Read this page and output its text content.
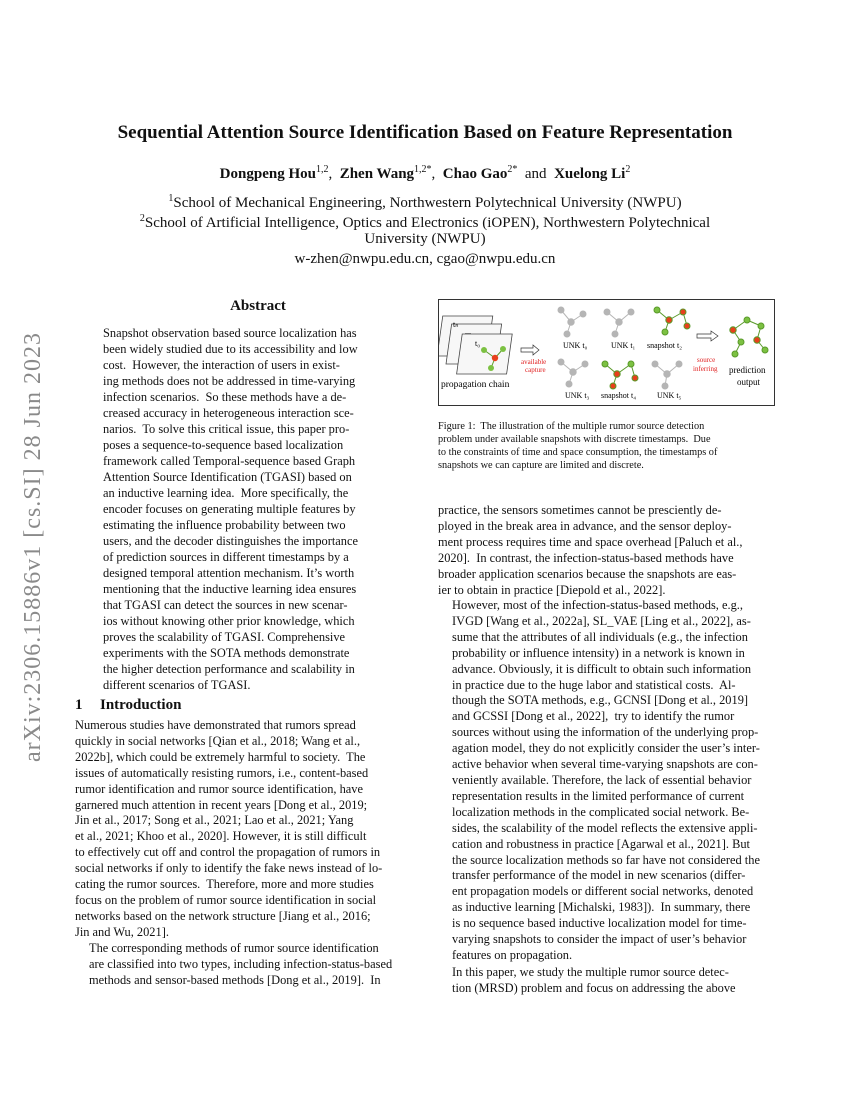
arXiv:2306.15886v1 [cs.SI] 28 Jun 2023
Sequential Attention Source Identification Based on Feature Representation
Dongpeng Hou$^{1,2}$, Zhen Wang$^{1,2*}$, Chao Gao$^{2*}$ and Xuelong Li$^2$
$^1$School of Mechanical Engineering, Northwestern Polytechnical University (NWPU)
$^2$School of Artificial Intelligence, Optics and Electronics (iOPEN), Northwestern Polytechnical
University (NWPU)
w-zhen@nwpu.edu.cn, cgao@nwpu.edu.cn
Abstract
Snapshot observation based source localization has
been widely studied due to its accessibility and low
cost.  However, the interaction of users in exist-
ing methods does not be addressed in time-varying
infection scenarios.  So these methods have a de-
creased accuracy in heterogeneous interaction sce-
narios.  To solve this critical issue, this paper pro-
poses a sequence-to-sequence based localization
framework called Temporal-sequence based Graph
Attention Source Identification (TGASI) based on
an inductive learning idea.  More specifically, the
encoder focuses on generating multiple features by
estimating the influence probability between two
users, and the decoder distinguishes the importance
of prediction sources in different timestamps by a
designed temporal attention mechanism. It’s worth
mentioning that the inductive learning idea ensures
that TGASI can detect the sources in new scenar-
ios without knowing other prior knowledge, which
proves the scalability of TGASI. Comprehensive
experiments with the SOTA methods demonstrate
the higher detection performance and scalability in
different scenarios of TGASI.
1 Introduction
Numerous studies have demonstrated that rumors spread
quickly in social networks [Qian et al., 2018; Wang et al.,
2022b], which could be extremely harmful to society.  The
issues of automatically resisting rumors, i.e., content-based
rumor identification and rumor source identification, have
garnered much attention in recent years [Dong et al., 2019;
Jin et al., 2017; Song et al., 2021; Lao et al., 2021; Yang
et al., 2021; Khoo et al., 2020]. However, it is still difficult
to effectively cut off and control the propagation of rumors in
social networks if only to identify the fake news instead of lo-
cating the rumor sources.  Therefore, more and more studies
focus on the problem of rumor source identification in social
networks based on the network structure [Jiang et al., 2016;
Jin and Wu, 2021].
The corresponding methods of rumor source identification
are classified into two types, including infection-status-based
methods and sensor-based methods [Dong et al., 2019].  In
tₙ
...
t₀
propagation chain
available
capture
UNK t₀	UNK t₁ snapshot t₂
UNK t₃ snapshot t₄	UNK t₅
source
inferring prediction
output
Figure 1:  The illustration of the multiple rumor source detection
problem under available snapshots with discrete timestamps.  Due
to the constraints of time and space consumption, the timestamps of
snapshots we can capture are limited and discrete.
practice, the sensors sometimes cannot be presciently de-
ployed in the break area in advance, and the sensor deploy-
ment process requires time and space overhead [Paluch et al.,
2020].  In contrast, the infection-status-based methods have
broader application scenarios because the snapshots are eas-
ier to obtain in practice [Diepold et al., 2022].
However, most of the infection-status-based methods, e.g.,
IVGD [Wang et al., 2022a], SL_VAE [Ling et al., 2022], as-
sume that the attributes of all individuals (e.g., the infection
probability or influence intensity) in a network is known in
advance. Obviously, it is difficult to obtain such information
in practice due to the huge labor and statistical costs.  Al-
though the SOTA methods, e.g., GCNSI [Dong et al., 2019]
and GCSSI [Dong et al., 2022],  try to identify the rumor
sources without using the information of the underlying prop-
agation model, they do not explicitly consider the user’s inter-
active behavior when several time-varying snapshots are con-
veniently available. Therefore, the lack of essential behavior
representation results in the limited performance of current
localization methods in the complicated social network. Be-
sides, the scalability of the model reflects the extensive appli-
cation and robustness in practice [Agarwal et al., 2021]. But
the source localization methods so far have not considered the
transfer performance of the model in new scenarios (differ-
ent propagation models or different social networks, denoted
as inductive learning [Michalski, 1983]).  In summary, there
is no sequence based inductive localization model for time-
varying snapshots to consider the impact of user’s behavior
features on propagation.
In this paper, we study the multiple rumor source detec-
tion (MRSD) problem and focus on addressing the above
